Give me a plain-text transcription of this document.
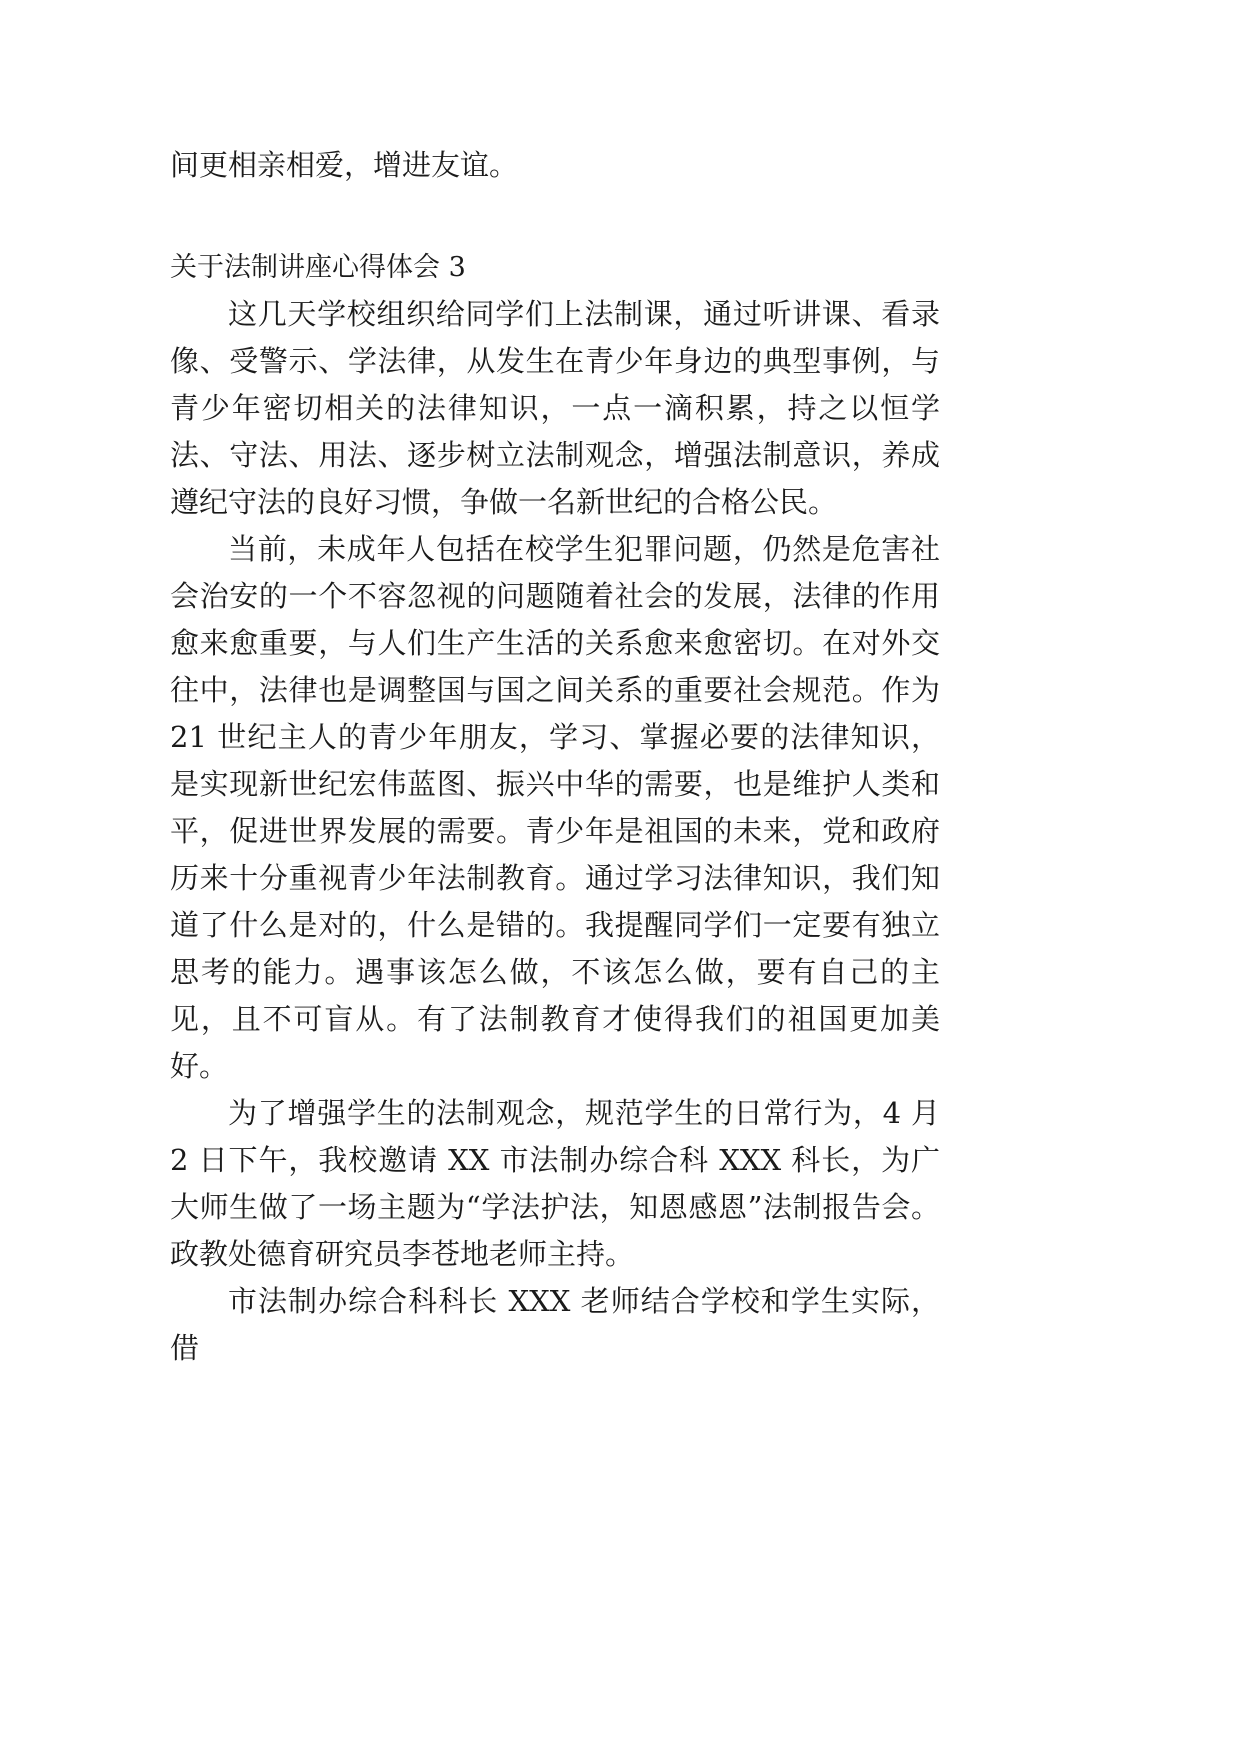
间更相亲相爱，增进友谊。

关于法制讲座心得体会 3

这几天学校组织给同学们上法制课，通过听讲课、看录像、受警示、学法律，从发生在青少年身边的典型事例，与青少年密切相关的法律知识，一点一滴积累，持之以恒学法、守法、用法、逐步树立法制观念，增强法制意识，养成遵纪守法的良好习惯，争做一名新世纪的合格公民。

当前，未成年人包括在校学生犯罪问题，仍然是危害社会治安的一个不容忽视的问题随着社会的发展，法律的作用愈来愈重要，与人们生产生活的关系愈来愈密切。在对外交往中，法律也是调整国与国之间关系的重要社会规范。作为 21 世纪主人的青少年朋友，学习、掌握必要的法律知识，是实现新世纪宏伟蓝图、振兴中华的需要，也是维护人类和平，促进世界发展的需要。青少年是祖国的未来，党和政府历来十分重视青少年法制教育。通过学习法律知识，我们知道了什么是对的，什么是错的。我提醒同学们一定要有独立思考的能力。遇事该怎么做，不该怎么做，要有自己的主见，且不可盲从。有了法制教育才使得我们的祖国更加美好。

为了增强学生的法制观念，规范学生的日常行为，4 月 2 日下午，我校邀请 XX 市法制办综合科 XXX 科长，为广大师生做了一场主题为“学法护法，知恩感恩”法制报告会。政教处德育研究员李苍地老师主持。

市法制办综合科科长 XXX 老师结合学校和学生实际，借
